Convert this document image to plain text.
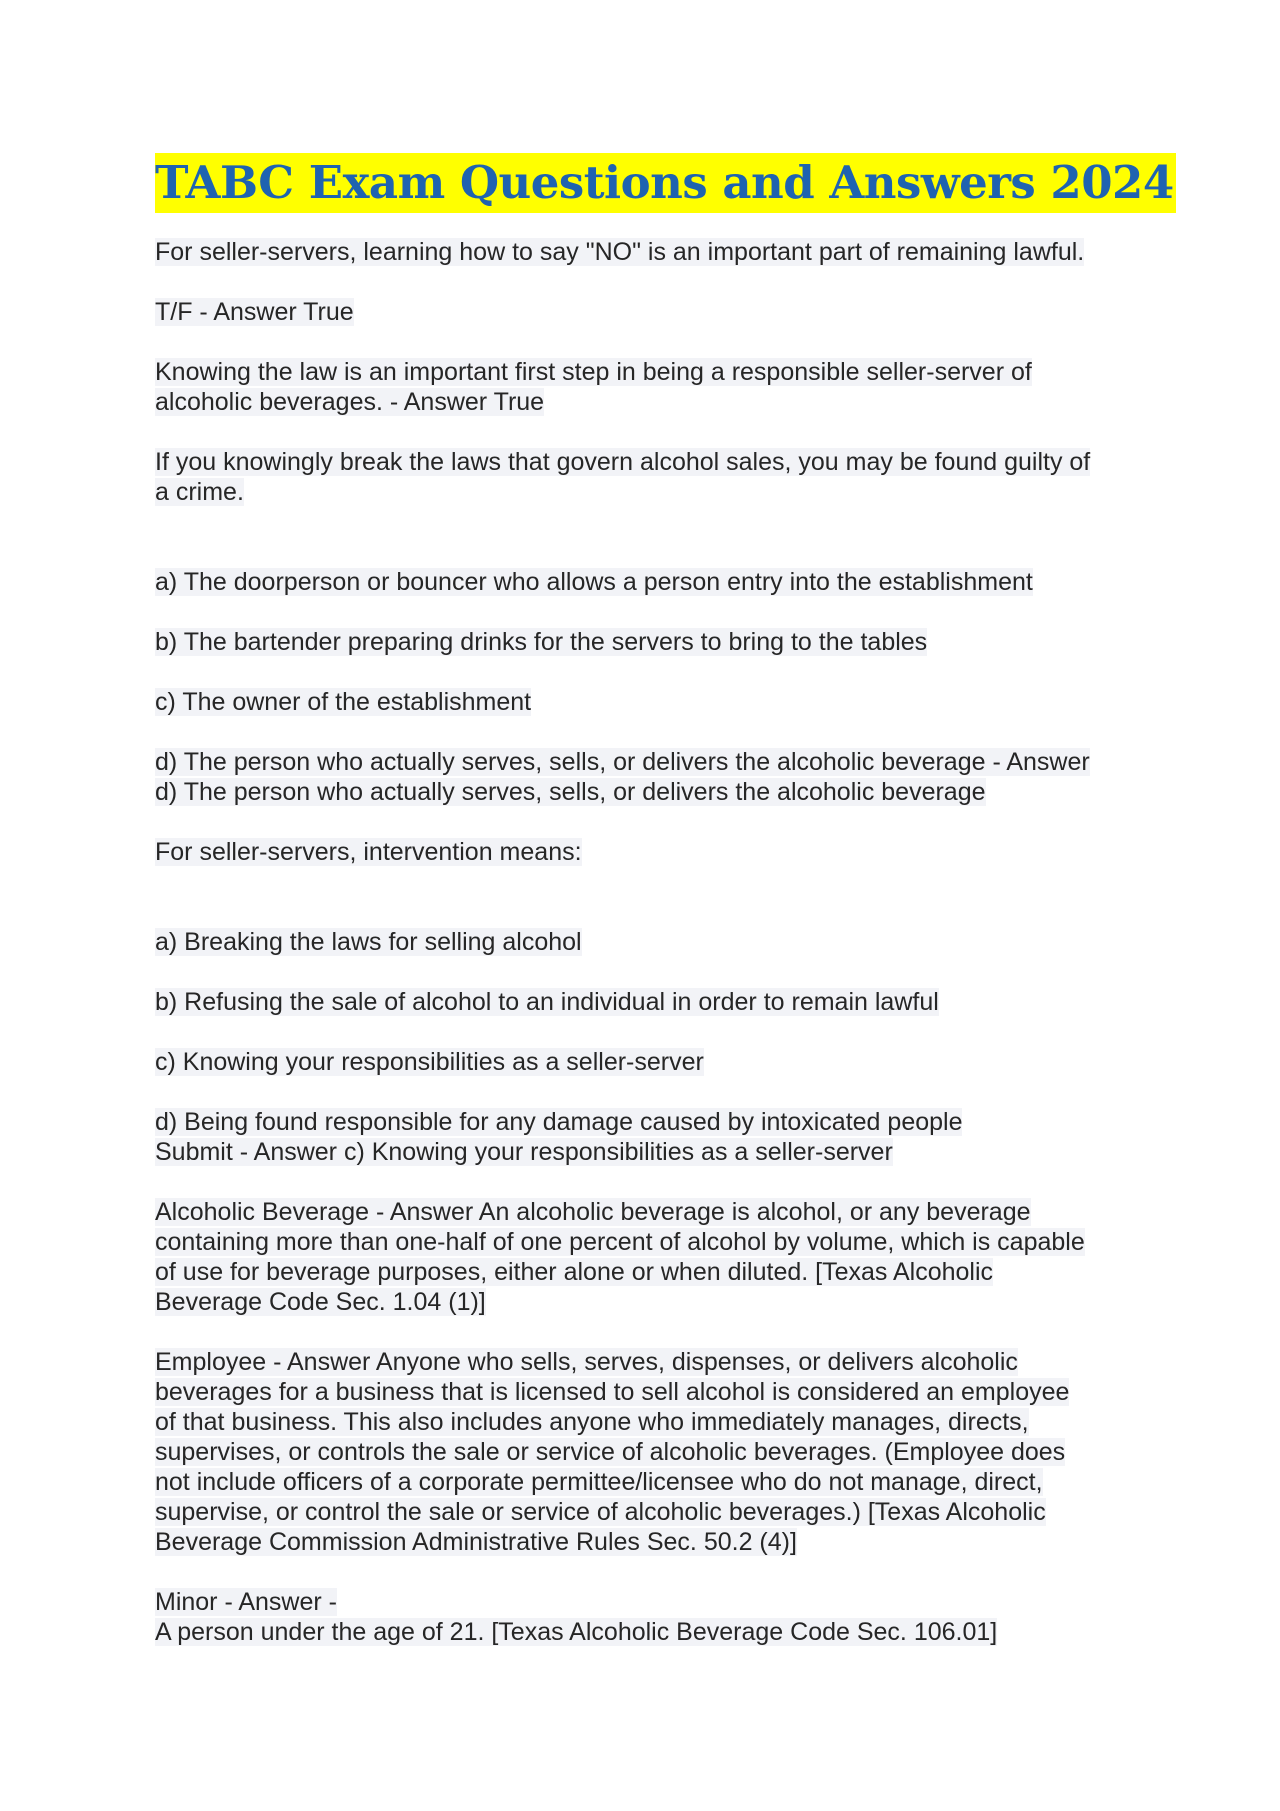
TABC Exam Questions and Answers 2024

For seller-servers, learning how to say "NO" is an important part of remaining lawful.

T/F - Answer True

Knowing the law is an important first step in being a responsible seller-server of

alcoholic beverages. - Answer True

If you knowingly break the laws that govern alcohol sales, you may be found guilty of

a crime.

a) The doorperson or bouncer who allows a person entry into the establishment

b) The bartender preparing drinks for the servers to bring to the tables

c) The owner of the establishment

d) The person who actually serves, sells, or delivers the alcoholic beverage - Answer

d) The person who actually serves, sells, or delivers the alcoholic beverage

For seller-servers, intervention means:

a) Breaking the laws for selling alcohol

b) Refusing the sale of alcohol to an individual in order to remain lawful

c) Knowing your responsibilities as a seller-server

d) Being found responsible for any damage caused by intoxicated people

Submit - Answer c) Knowing your responsibilities as a seller-server

Alcoholic Beverage - Answer An alcoholic beverage is alcohol, or any beverage

containing more than one-half of one percent of alcohol by volume, which is capable

of use for beverage purposes, either alone or when diluted. [Texas Alcoholic

Beverage Code Sec. 1.04 (1)]

Employee - Answer Anyone who sells, serves, dispenses, or delivers alcoholic

beverages for a business that is licensed to sell alcohol is considered an employee

of that business. This also includes anyone who immediately manages, directs,

supervises, or controls the sale or service of alcoholic beverages. (Employee does

not include officers of a corporate permittee/licensee who do not manage, direct,

supervise, or control the sale or service of alcoholic beverages.) [Texas Alcoholic

Beverage Commission Administrative Rules Sec. 50.2 (4)]

Minor - Answer -

A person under the age of 21. [Texas Alcoholic Beverage Code Sec. 106.01]
